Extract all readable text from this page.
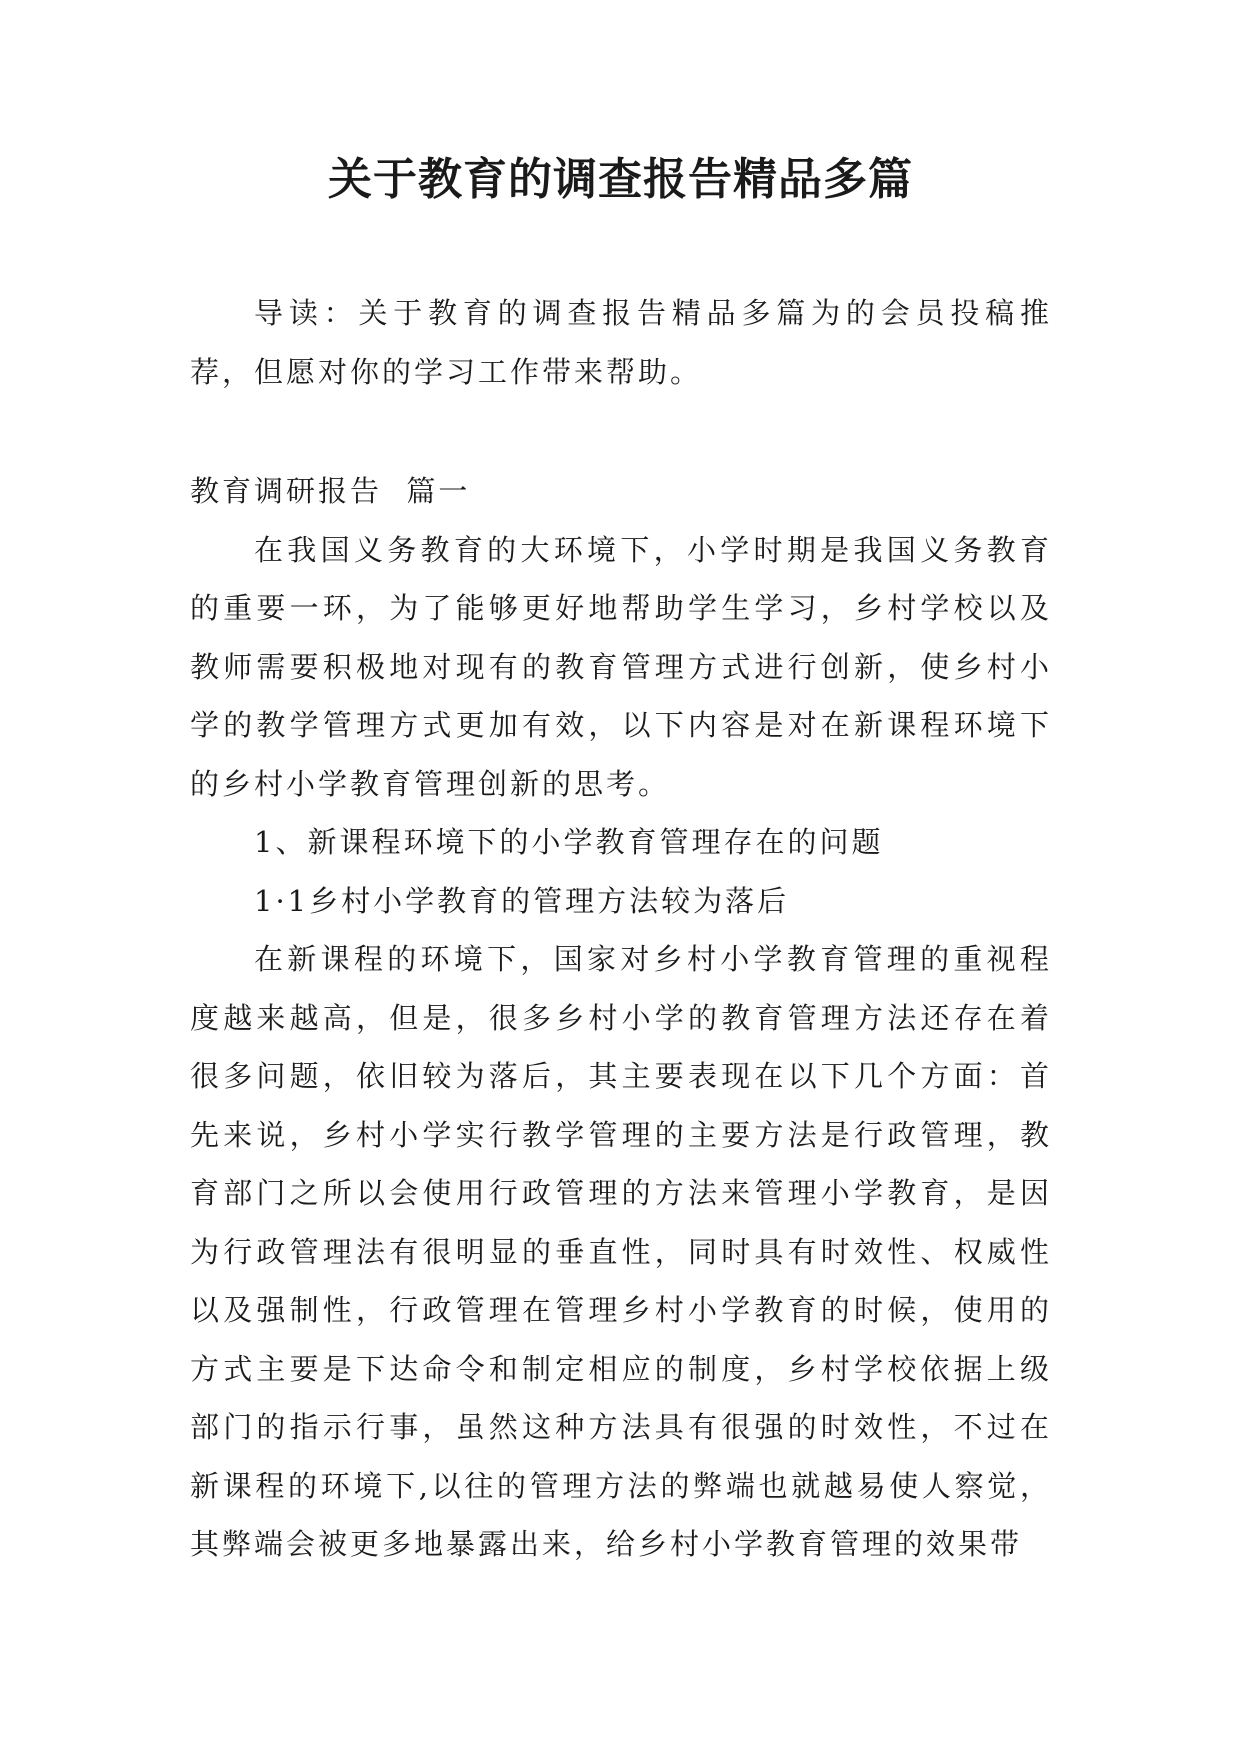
关于教育的调查报告精品多篇

导读：关于教育的调查报告精品多篇为的会员投稿推荐，但愿对你的学习工作带来帮助。

教育调研报告  篇一

在我国义务教育的大环境下，小学时期是我国义务教育的重要一环，为了能够更好地帮助学生学习，乡村学校以及教师需要积极地对现有的教育管理方式进行创新，使乡村小学的教学管理方式更加有效，以下内容是对在新课程环境下的乡村小学教育管理创新的思考。

1、新课程环境下的小学教育管理存在的问题

1·1乡村小学教育的管理方法较为落后

在新课程的环境下，国家对乡村小学教育管理的重视程度越来越高，但是，很多乡村小学的教育管理方法还存在着很多问题，依旧较为落后，其主要表现在以下几个方面：首先来说，乡村小学实行教学管理的主要方法是行政管理，教育部门之所以会使用行政管理的方法来管理小学教育，是因为行政管理法有很明显的垂直性，同时具有时效性、权威性以及强制性，行政管理在管理乡村小学教育的时候，使用的方式主要是下达命令和制定相应的制度，乡村学校依据上级部门的指示行事，虽然这种方法具有很强的时效性，不过在新课程的环境下,以往的管理方法的弊端也就越易使人察觉，其弊端会被更多地暴露出来，给乡村小学教育管理的效果带
